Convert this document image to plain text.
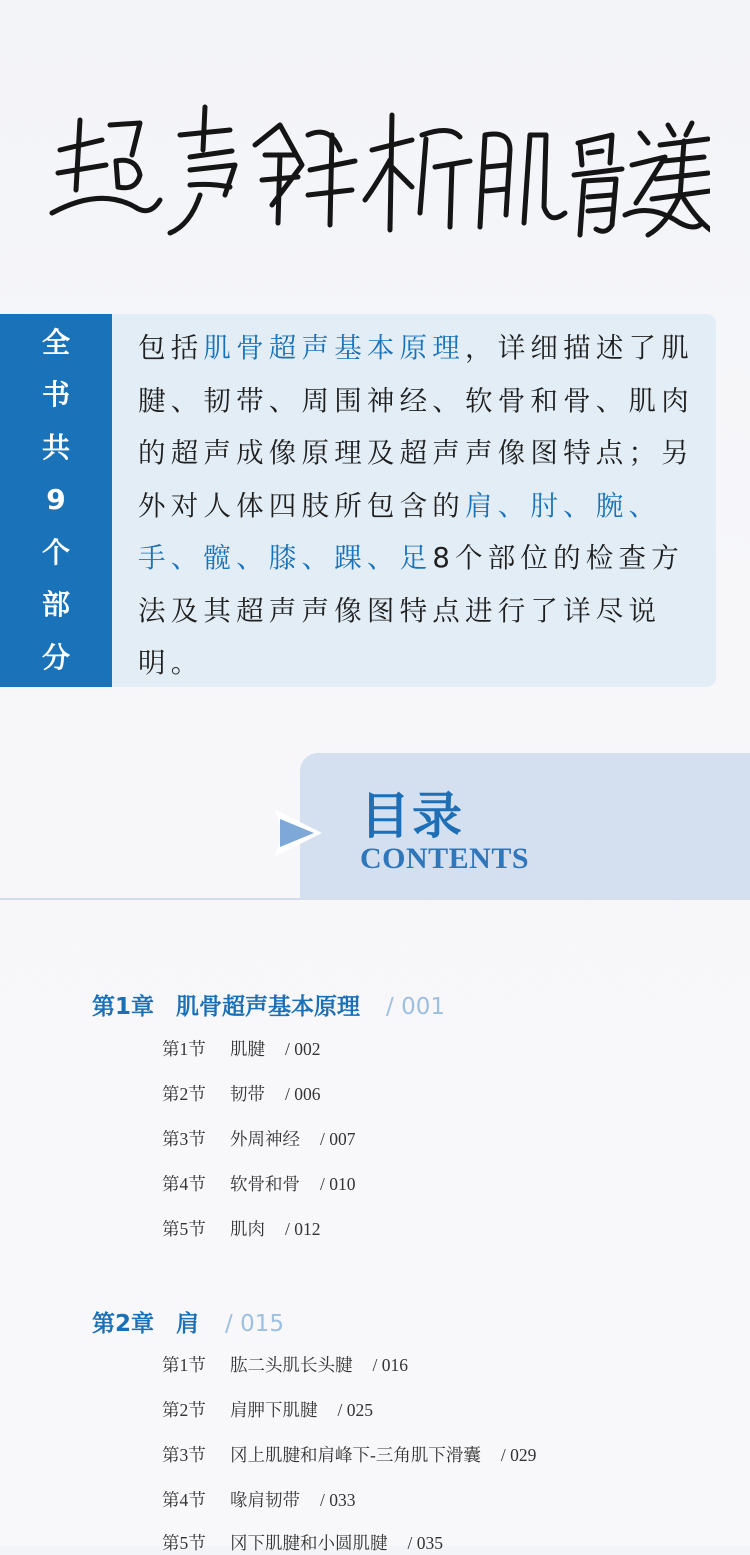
全
书
共
9
个
部
分
包括肌骨超声基本原理，详细描述了肌腱、韧带、周围神经、软骨和骨、肌肉的超声成像原理及超声声像图特点；另外对人体四肢所包含的肩、肘、腕、手、髋、膝、踝、足8个部位的检查方法及其超声声像图特点进行了详尽说明。
目录
CONTENTS
第1章 肌骨超声基本原理 / 001
第1节 肌腱 / 002
第2节 韧带 / 006
第3节 外周神经 / 007
第4节 软骨和骨 / 010
第5节 肌肉 / 012
第2章 肩 / 015
第1节 肱二头肌长头腱 / 016
第2节 肩胛下肌腱 / 025
第3节 冈上肌腱和肩峰下-三角肌下滑囊 / 029
第4节 喙肩韧带 / 033
第5节 冈下肌腱和小圆肌腱 / 035
